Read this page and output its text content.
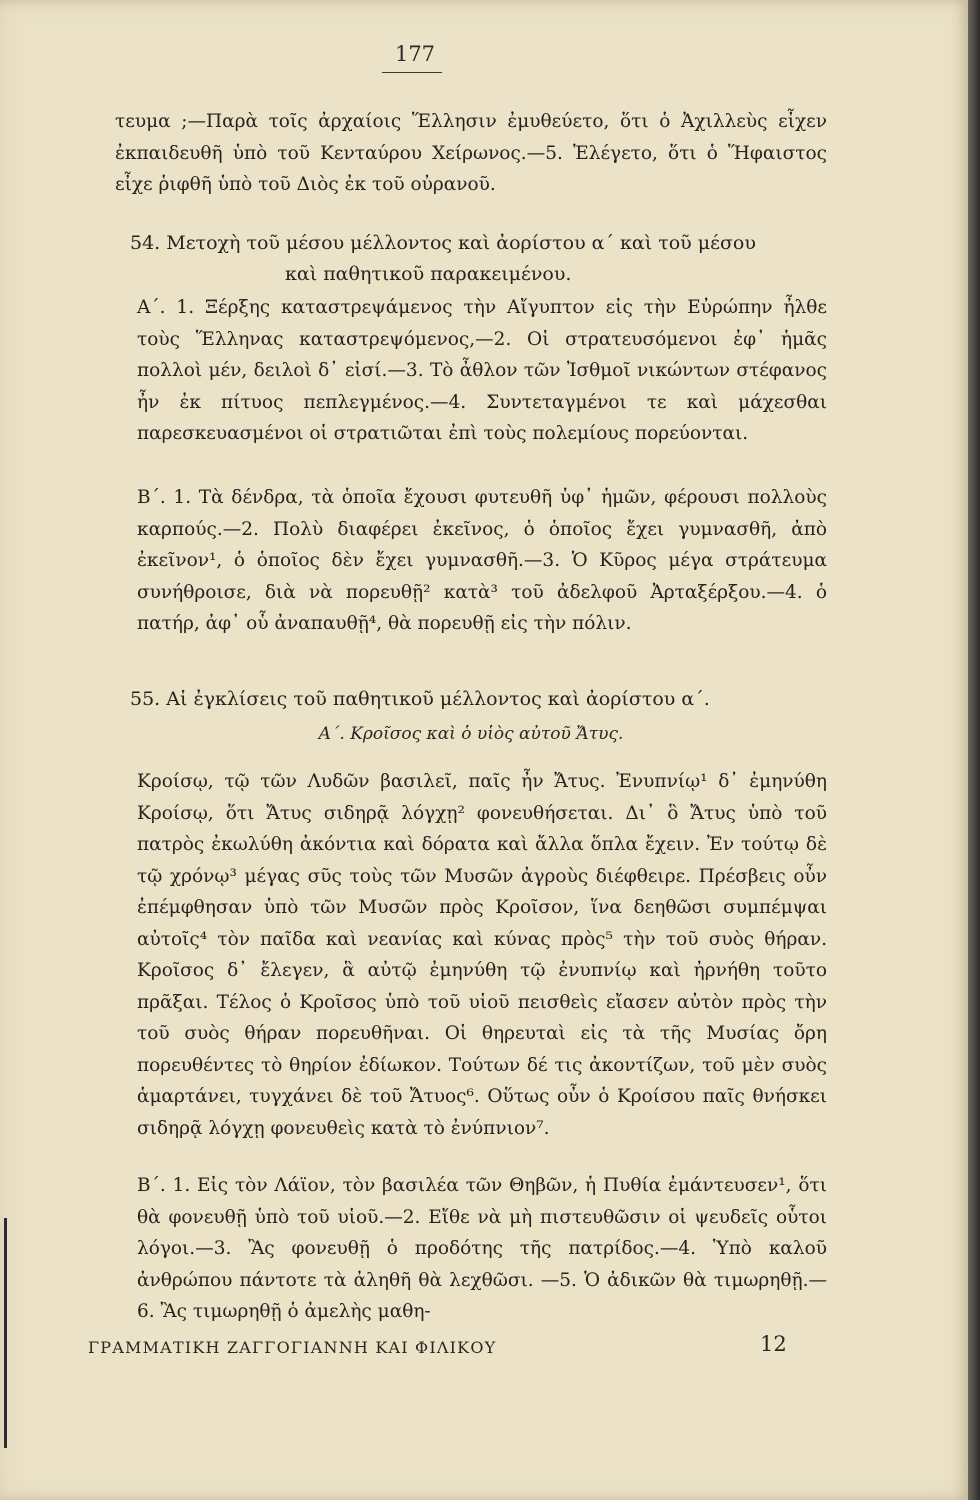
177

τευμα ;—Παρὰ τοῖς ἀρχαίοις Ἕλλησιν ἐμυθεύετο, ὅτι ὁ Ἀχιλλεὺς εἶχεν ἐκπαιδευθῆ ὑπὸ τοῦ Κενταύρου Χείρωνος.—5. Ἐλέγετο, ὅτι ὁ Ἥφαιστος εἶχε ῥιφθῆ ὑπὸ τοῦ Διὸς ἐκ τοῦ οὐρανοῦ.

54. Μετοχὴ τοῦ μέσου μέλλοντος καὶ ἀορίστου α΄ καὶ τοῦ μέσου
καὶ παθητικοῦ παρακειμένου.

Α΄. 1. Ξέρξης καταστρεψάμενος τὴν Αἴγυπτον εἰς τὴν Εὐρώπην ἦλθε τοὺς Ἕλληνας καταστρεψόμενος,—2. Οἱ στρατευσόμενοι ἐφ᾽ ἡμᾶς πολλοὶ μέν, δειλοὶ δ᾽ εἰσί.—3. Τὸ ἆθλον τῶν Ἰσθμοῖ νικώντων στέφανος ἦν ἐκ πίτυος πεπλεγμένος.—4. Συντεταγμένοι τε καὶ μάχεσθαι παρεσκευασμένοι οἱ στρατιῶται ἐπὶ τοὺς πολεμίους πορεύονται.

Β΄. 1. Τὰ δένδρα, τὰ ὁποῖα ἔχουσι φυτευθῆ ὑφ᾽ ἡμῶν, φέρουσι πολλοὺς καρπούς.—2. Πολὺ διαφέρει ἐκεῖνος, ὁ ὁποῖος ἔχει γυμνασθῆ, ἀπὸ ἐκεῖνον¹, ὁ ὁποῖος δὲν ἔχει γυμνασθῆ.—3. Ὁ Κῦρος μέγα στράτευμα συνήθροισε, διὰ νὰ πορευθῇ² κατὰ³ τοῦ ἀδελφοῦ Ἀρταξέρξου.—4. ὁ πατήρ, ἀφ᾽ οὗ ἀναπαυθῇ⁴, θὰ πορευθῇ εἰς τὴν πόλιν.

55. Αἱ ἐγκλίσεις τοῦ παθητικοῦ μέλλοντος καὶ ἀορίστου α΄.
Α΄. Κροῖσος καὶ ὁ υἱὸς αὐτοῦ Ἄτυς.

Κροίσῳ, τῷ τῶν Λυδῶν βασιλεῖ, παῖς ἦν Ἄτυς. Ἐνυπνίῳ¹ δ᾽ ἐμηνύθη Κροίσῳ, ὅτι Ἄτυς σιδηρᾷ λόγχῃ² φονευθήσεται. Δι᾽ ὃ Ἄτυς ὑπὸ τοῦ πατρὸς ἐκωλύθη ἀκόντια καὶ δόρατα καὶ ἄλλα ὅπλα ἔχειν. Ἐν τούτῳ δὲ τῷ χρόνῳ³ μέγας σῦς τοὺς τῶν Μυσῶν ἀγροὺς διέφθειρε. Πρέσβεις οὖν ἐπέμφθησαν ὑπὸ τῶν Μυσῶν πρὸς Κροῖσον, ἵνα δεηθῶσι συμπέμψαι αὐτοῖς⁴ τὸν παῖδα καὶ νεανίας καὶ κύνας πρὸς⁵ τὴν τοῦ συὸς θήραν. Κροῖσος δ᾽ ἔλεγεν, ἃ αὐτῷ ἐμηνύθη τῷ ἐνυπνίῳ καὶ ἠρνήθη τοῦτο πρᾶξαι. Τέλος ὁ Κροῖσος ὑπὸ τοῦ υἱοῦ πεισθεὶς εἴασεν αὐτὸν πρὸς τὴν τοῦ συὸς θήραν πορευθῆναι. Οἱ θηρευταὶ εἰς τὰ τῆς Μυσίας ὄρη πορευθέντες τὸ θηρίον ἐδίωκον. Τούτων δέ τις ἀκοντίζων, τοῦ μὲν συὸς ἁμαρτάνει, τυγχάνει δὲ τοῦ Ἄτυος⁶. Οὕτως οὖν ὁ Κροίσου παῖς θνήσκει σιδηρᾷ λόγχῃ φονευθεὶς κατὰ τὸ ἐνύπνιον⁷.

Β΄. 1. Εἰς τὸν Λάϊον, τὸν βασιλέα τῶν Θηβῶν, ἡ Πυθία ἐμάντευσεν¹, ὅτι θὰ φονευθῇ ὑπὸ τοῦ υἱοῦ.—2. Εἴθε νὰ μὴ πιστευθῶσιν οἱ ψευδεῖς οὗτοι λόγοι.—3. Ἂς φονευθῇ ὁ προδότης τῆς πατρίδος.—4. Ὑπὸ καλοῦ ἀνθρώπου πάντοτε τὰ ἀληθῆ θὰ λεχθῶσι. —5. Ὁ ἀδικῶν θὰ τιμωρηθῇ.—6. Ἂς τιμωρηθῇ ὁ ἀμελὴς μαθη-

ΓΡΑΜΜΑΤΙΚΗ ΖΑΓΓΟΓΙΑΝΝΗ ΚΑΙ ΦΙΛΙΚΟΥ	12
